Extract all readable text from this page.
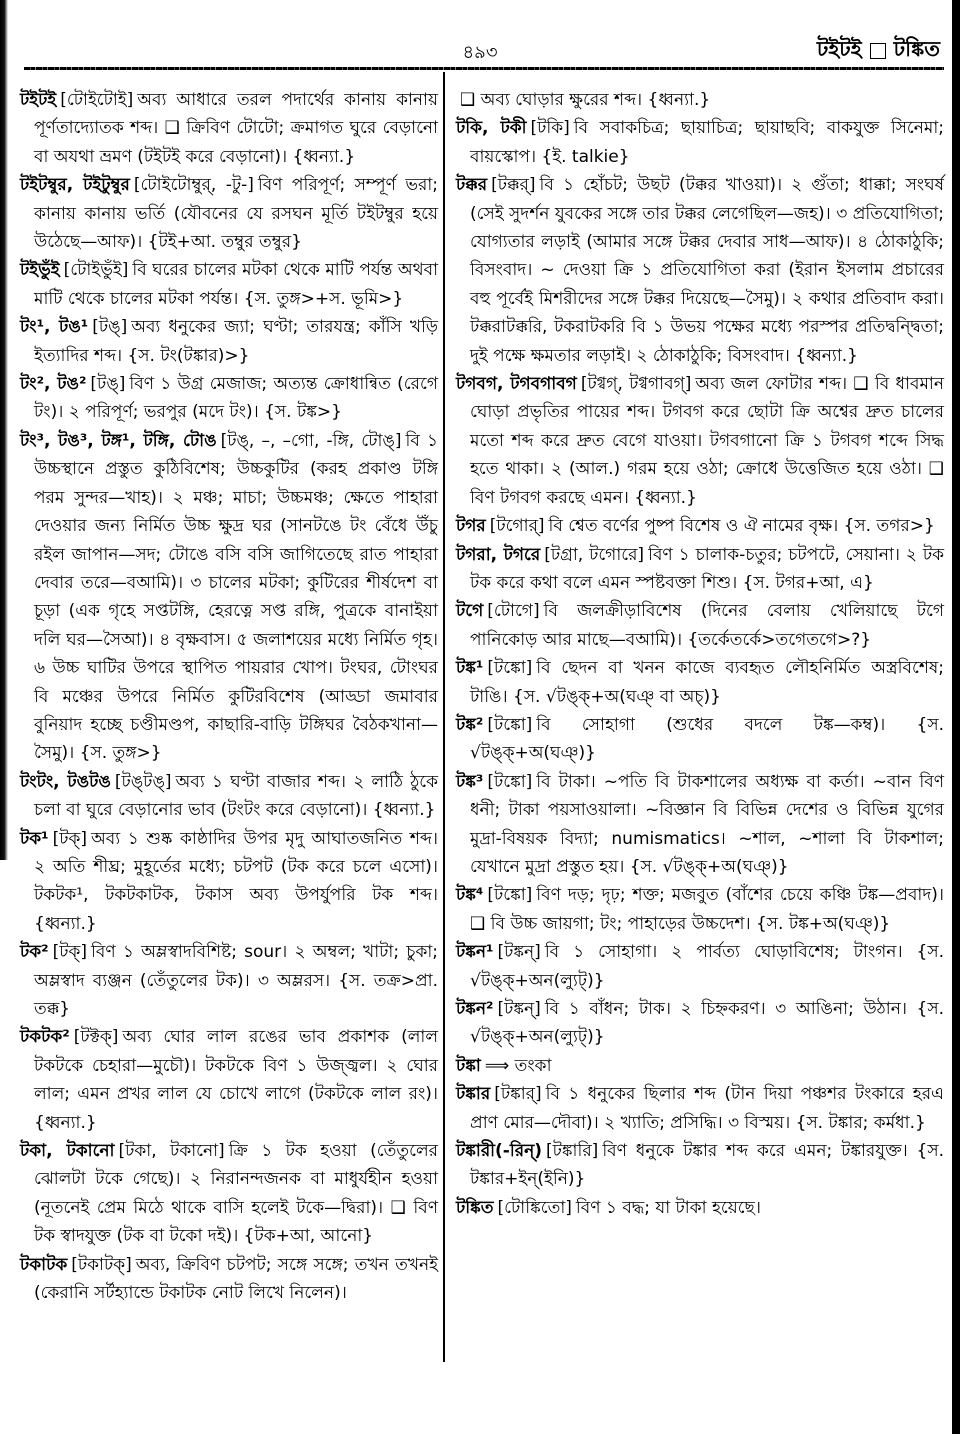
৪৯৩	টইটই টঙ্কিত

টইটই [টোইটোই] অব্য আধারে তরল পদার্থের কানায় কানায় পূর্ণতাদ্যোতক শব্দ। ❑ ক্রিবিণ টোটো; ক্রমাগত ঘুরে বেড়ানো বা অযথা ভ্রমণ (টইটই করে বেড়ানো)। {ধ্বন্যা.}

টইটম্বুর, টইটুম্বুর [টোইটোম্বুর্, -টু-] বিণ পরিপূর্ণ; সম্পূর্ণ ভরা; কানায় কানায় ভর্তি (যৌবনের যে রসঘন মূর্তি টইটম্বুর হয়ে উঠেছে—আফ)। {টই+আ. তম্বুর তম্বুর}

টইভুঁই [টোইভুঁই] বি ঘরের চালের মটকা থেকে মাটি পর্যন্ত অথবা মাটি থেকে চালের মটকা পর্যন্ত। {স. তুঙ্গ>+স. ভূমি>}

টং¹, টঙ¹ [টঙ্] অব্য ধনুকের জ্যা; ঘণ্টা; তারযন্ত্র; কাঁসি খড়ি ইত্যাদির শব্দ। {স. টং(টঙ্কার)>}

টং², টঙ² [টঙ্] বিণ ১ উগ্র মেজাজ; অত্যন্ত ক্রোধান্বিত (রেগে টং)। ২ পরিপূর্ণ; ভরপুর (মদে টং)। {স. টঙ্ক>}

টং³, টঙ³, টঙ্গ¹, টঙ্গি, টোঙ [টঙ্, –, –গো, -ঙ্গি, টোঙ্] বি ১ উচ্চস্থানে প্রস্তুত কুঠিবিশেষ; উচ্চকুটির (করহ প্রকাণ্ড টঙ্গি পরম সুন্দর—খাহ)। ২ মঞ্চ; মাচা; উচ্চমঞ্চ; ক্ষেতে পাহারা দেওয়ার জন্য নির্মিত উচ্চ ক্ষুদ্র ঘর (সানটঙে টং বেঁধে উঁচু রইল জাপান—সদ; টোঙে বসি বসি জাগিতেছে রাত পাহারা দেবার তরে—বআমি)। ৩ চালের মটকা; কুটিরের শীর্ষদেশ বা চূড়া (এক গৃহে সপ্তটঙ্গি, হেরত্নে সপ্ত রঙ্গি, পুত্রকে বানাইয়া দলি ঘর—সৈআ)। ৪ বৃক্ষবাস। ৫ জলাশয়ের মধ্যে নির্মিত গৃহ। ৬ উচ্চ ঘাটির উপরে স্থাপিত পায়রার খোপ। টংঘর, টোংঘর বি মঞ্চের উপরে নির্মিত কুটিরবিশেষ (আড্ডা জমাবার বুনিয়াদ হচ্ছে চণ্ডীমণ্ডপ, কাছারি-বাড়ি টঙ্গিঘর বৈঠকখানা—সৈমু)। {স. তুঙ্গ>}

টংটং, টঙটঙ [টঙ্টঙ্] অব্য ১ ঘণ্টা বাজার শব্দ। ২ লাঠি ঠুকে চলা বা ঘুরে বেড়ানোর ভাব (টংটং করে বেড়ানো)। {ধ্বন্যা.}

টক¹ [টক্] অব্য ১ শুষ্ক কাষ্ঠাদির উপর মৃদু আঘাতজনিত শব্দ। ২ অতি শীঘ্র; মুহূর্তের মধ্যে; চটপট (টক করে চলে এসো)। টকটক¹, টকটকাটক, টকাস অব্য উপর্যুপরি টক শব্দ। {ধ্বন্যা.}

টক² [টক্] বিণ ১ অম্লস্বাদবিশিষ্ট; sour। ২ অম্বল; খাটা; চুকা; অম্লস্বাদ ব্যঞ্জন (তেঁতুলের টক)। ৩ অম্লরস। {স. তক্র>প্রা. তক্ক}

টকটক² [টক্টক্] অব্য ঘোর লাল রঙের ভাব প্রকাশক (লাল টকটকে চেহারা—মুচৌ)। টকটকে বিণ ১ উজ্জ্বল। ২ ঘোর লাল; এমন প্রখর লাল যে চোখে লাগে (টকটকে লাল রং)। {ধ্বন্যা.}

টকা, টকানো [টকা, টকানো] ক্রি ১ টক হওয়া (তেঁতুলের ঝোলটা টকে গেছে)। ২ নিরানন্দজনক বা মাধুর্যহীন হওয়া (নূতনেই প্রেম মিঠে থাকে বাসি হলেই টকে—দ্বিরা)। ❑ বিণ টক স্বাদযুক্ত (টক বা টকো দই)। {টক+আ, আনো}

টকাটক [টকাটক্] অব্য, ক্রিবিণ চটপট; সঙ্গে সঙ্গে; তখন তখনই (কেরানি সর্টহ্যান্ডে টকাটক নোট লিখে নিলেন)।

❑ অব্য ঘোড়ার ক্ষুরের শব্দ। {ধ্বন্যা.}

টকি, টকী [টকি] বি সবাকচিত্র; ছায়াচিত্র; ছায়াছবি; বাকযুক্ত সিনেমা; বায়স্কোপ। {ই. talkie}

টক্কর [টক্কর্] বি ১ হোঁচট; উছট (টক্কর খাওয়া)। ২ গুঁতা; ধাক্কা; সংঘর্ষ (সেই সুদর্শন যুবকের সঙ্গে তার টক্কর লেগেছিল—জহ)। ৩ প্রতিযোগিতা; যোগ্যতার লড়াই (আমার সঙ্গে টক্কর দেবার সাধ—আফ)। ৪ ঠোকাঠুকি; বিসংবাদ। ~ দেওয়া ক্রি ১ প্রতিযোগিতা করা (ইরান ইসলাম প্রচারের বহু পূর্বেই মিশরীদের সঙ্গে টক্কর দিয়েছে—সৈমু)। ২ কথার প্রতিবাদ করা। টক্করাটক্করি, টকরাটকরি বি ১ উভয় পক্ষের মধ্যে পরস্পর প্রতিদ্বন্দ্বিতা; দুই পক্ষে ক্ষমতার লড়াই। ২ ঠোকাঠুকি; বিসংবাদ। {ধ্বন্যা.}

টগবগ, টগবগাবগ [টগ্বগ্, টগ্বগাবগ্] অব্য জল ফোটার শব্দ। ❑ বি ধাবমান ঘোড়া প্রভৃতির পায়ের শব্দ। টগবগ করে ছোটা ক্রি অশ্বের দ্রুত চালের মতো শব্দ করে দ্রুত বেগে যাওয়া। টগবগানো ক্রি ১ টগবগ শব্দে সিদ্ধ হতে থাকা। ২ (আল.) গরম হয়ে ওঠা; ক্রোধে উত্তেজিত হয়ে ওঠা। ❑ বিণ টগবগ করছে এমন। {ধ্বন্যা.}

টগর [টগোর্] বি শ্বেত বর্ণের পুষ্প বিশেষ ও ঐ নামের বৃক্ষ। {স. তগর>}

টগরা, টগরে [টগ্রা, টগোরে] বিণ ১ চালাক-চতুর; চটপটে, সেয়ানা। ২ টক টক করে কথা বলে এমন স্পষ্টবক্তা শিশু। {স. টগর+আ, এ}

টগে [টোগে] বি জলক্রীড়াবিশেষ (দিনের বেলায় খেলিয়াছে টগে পানিকোড় আর মাছে—বআমি)। {তর্কেতর্কে>তগেতগে>?}

টঙ্ক¹ [টঙ্কো] বি ছেদন বা খনন কাজে ব্যবহৃত লৌহনির্মিত অস্ত্রবিশেষ; টাঙি। {স. √টঙ্ক্+অ(ঘঞ্ বা অচ্)}

টঙ্ক² [টঙ্কো] বি সোহাগা (শুধের বদলে টঙ্ক—কম্ব)। {স. √টঙ্ক্+অ(ঘঞ্)}

টঙ্ক³ [টঙ্কো] বি টাকা। ~পতি বি টাকশালের অধ্যক্ষ বা কর্তা। ~বান বিণ ধনী; টাকা পয়সাওয়ালা। ~বিজ্ঞান বি বিভিন্ন দেশের ও বিভিন্ন যুগের মুদ্রা-বিষয়ক বিদ্যা; numismatics। ~শাল, ~শালা বি টাকশাল; যেখানে মুদ্রা প্রস্তুত হয়। {স. √টঙ্ক্+অ(ঘঞ্)}

টঙ্ক⁴ [টঙ্কো] বিণ দড়; দৃঢ়; শক্ত; মজবুত (বাঁশের চেয়ে কঞ্চি টঙ্ক—প্রবাদ)। ❑ বি উচ্চ জায়গা; টং; পাহাড়ের উচ্চদেশ। {স. টঙ্ক+অ(ঘঞ্)}

টঙ্কন¹ [টঙ্কন্] বি ১ সোহাগা। ২ পার্বত্য ঘোড়াবিশেষ; টাংগন। {স. √টঙ্ক্+অন(ল্যুট্)}

টঙ্কন² [টঙ্কন্] বি ১ বাঁধন; টাক। ২ চিহ্নকরণ। ৩ আঙিনা; উঠান। {স. √টঙ্ক্+অন(ল্যুট্)}

টঙ্কা ⟹ তংকা

টঙ্কার [টঙ্কার্] বি ১ ধনুকের ছিলার শব্দ (টান দিয়া পঞ্চশর টংকারে হরএ প্রাণ মোর—দৌবা)। ২ খ্যাতি; প্রসিদ্ধি। ৩ বিস্ময়। {স. টঙ্কার; কর্মধা.}

টঙ্কারী(-রিন্) [টঙ্কারি] বিণ ধনুকে টঙ্কার শব্দ করে এমন; টঙ্কারযুক্ত। {স. টঙ্কার+ইন্(ইনি)}

টঙ্কিত [টোঙ্কিতো] বিণ ১ বদ্ধ; যা টাকা হয়েছে।
